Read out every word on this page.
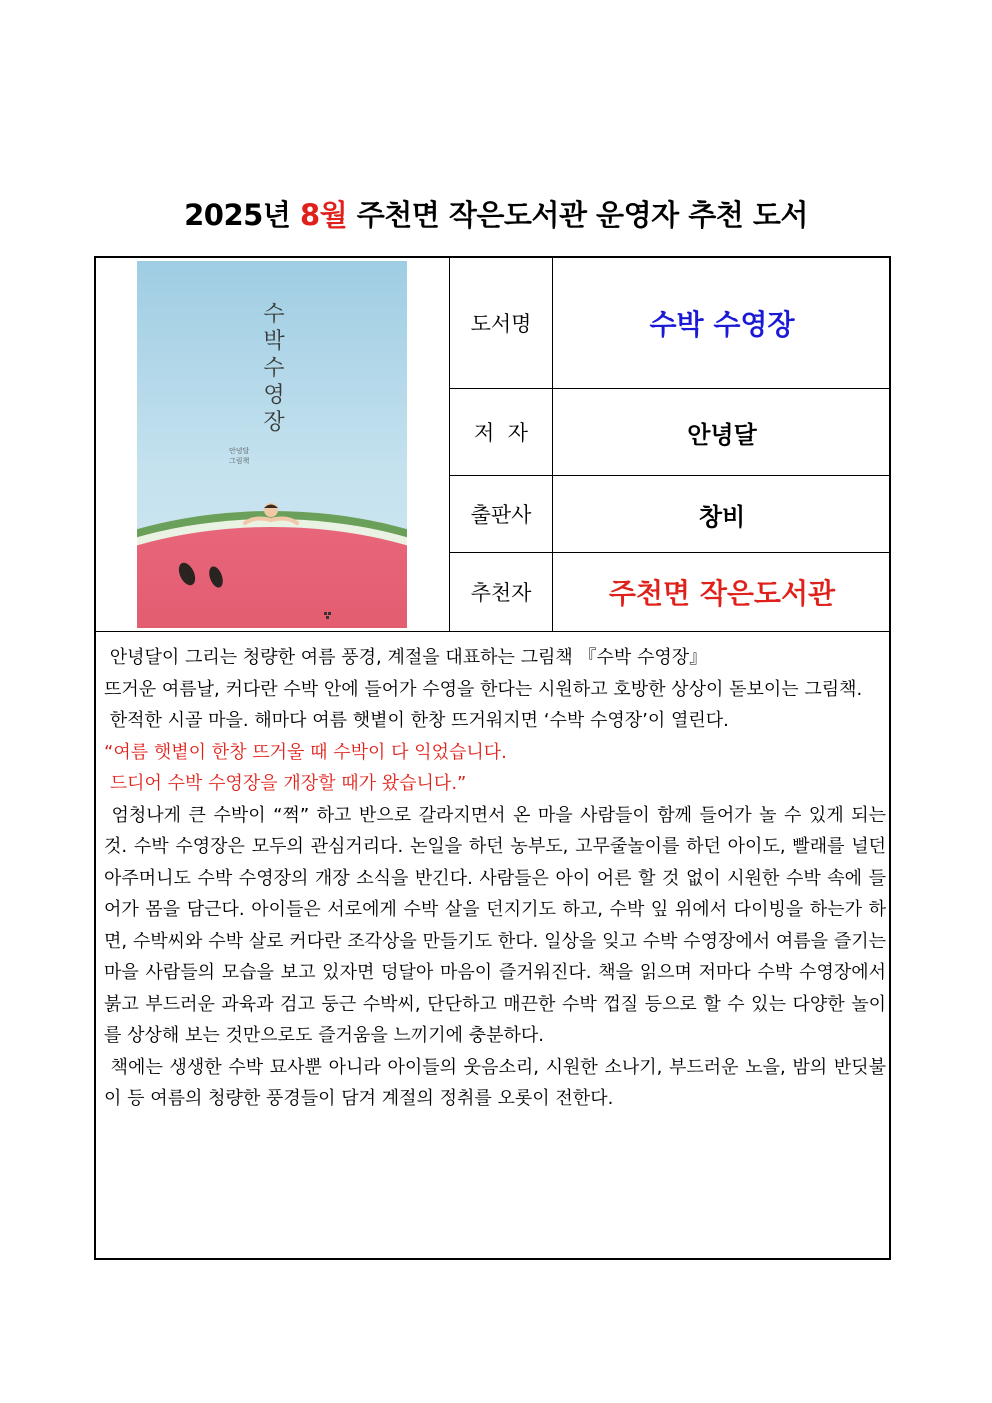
2025년 8월 주천면 작은도서관 운영자 추천 도서
수
박
수
영
장
안녕달
그림책
도서명	수박 수영장
저  자	안녕달
출판사	창비
추천자	주천면 작은도서관

안녕달이 그리는 청량한 여름 풍경, 계절을 대표하는 그림책 『수박 수영장』

뜨거운 여름날, 커다란 수박 안에 들어가 수영을 한다는 시원하고 호방한 상상이 돋보이는 그림책.

한적한 시골 마을. 해마다 여름 햇볕이 한창 뜨거워지면 ‘수박 수영장’이 열린다.

“여름 햇볕이 한창 뜨거울 때 수박이 다 익었습니다.

드디어 수박 수영장을 개장할 때가 왔습니다.”

엄청나게 큰 수박이 “쩍” 하고 반으로 갈라지면서 온 마을 사람들이 함께 들어가 놀 수 있게 되는 것. 수박 수영장은 모두의 관심거리다. 논일을 하던 농부도, 고무줄놀이를 하던 아이도, 빨래를 널던 아주머니도 수박 수영장의 개장 소식을 반긴다. 사람들은 아이 어른 할 것 없이 시원한 수박 속에 들어가 몸을 담근다. 아이들은 서로에게 수박 살을 던지기도 하고, 수박 잎 위에서 다이빙을 하는가 하면, 수박씨와 수박 살로 커다란 조각상을 만들기도 한다. 일상을 잊고 수박 수영장에서 여름을 즐기는 마을 사람들의 모습을 보고 있자면 덩달아 마음이 즐거워진다. 책을 읽으며 저마다 수박 수영장에서 붉고 부드러운 과육과 검고 둥근 수박씨, 단단하고 매끈한 수박 껍질 등으로 할 수 있는 다양한 놀이를 상상해 보는 것만으로도 즐거움을 느끼기에 충분하다.

책에는 생생한 수박 묘사뿐 아니라 아이들의 웃음소리, 시원한 소나기, 부드러운 노을, 밤의 반딧불이 등 여름의 청량한 풍경들이 담겨 계절의 정취를 오롯이 전한다.
